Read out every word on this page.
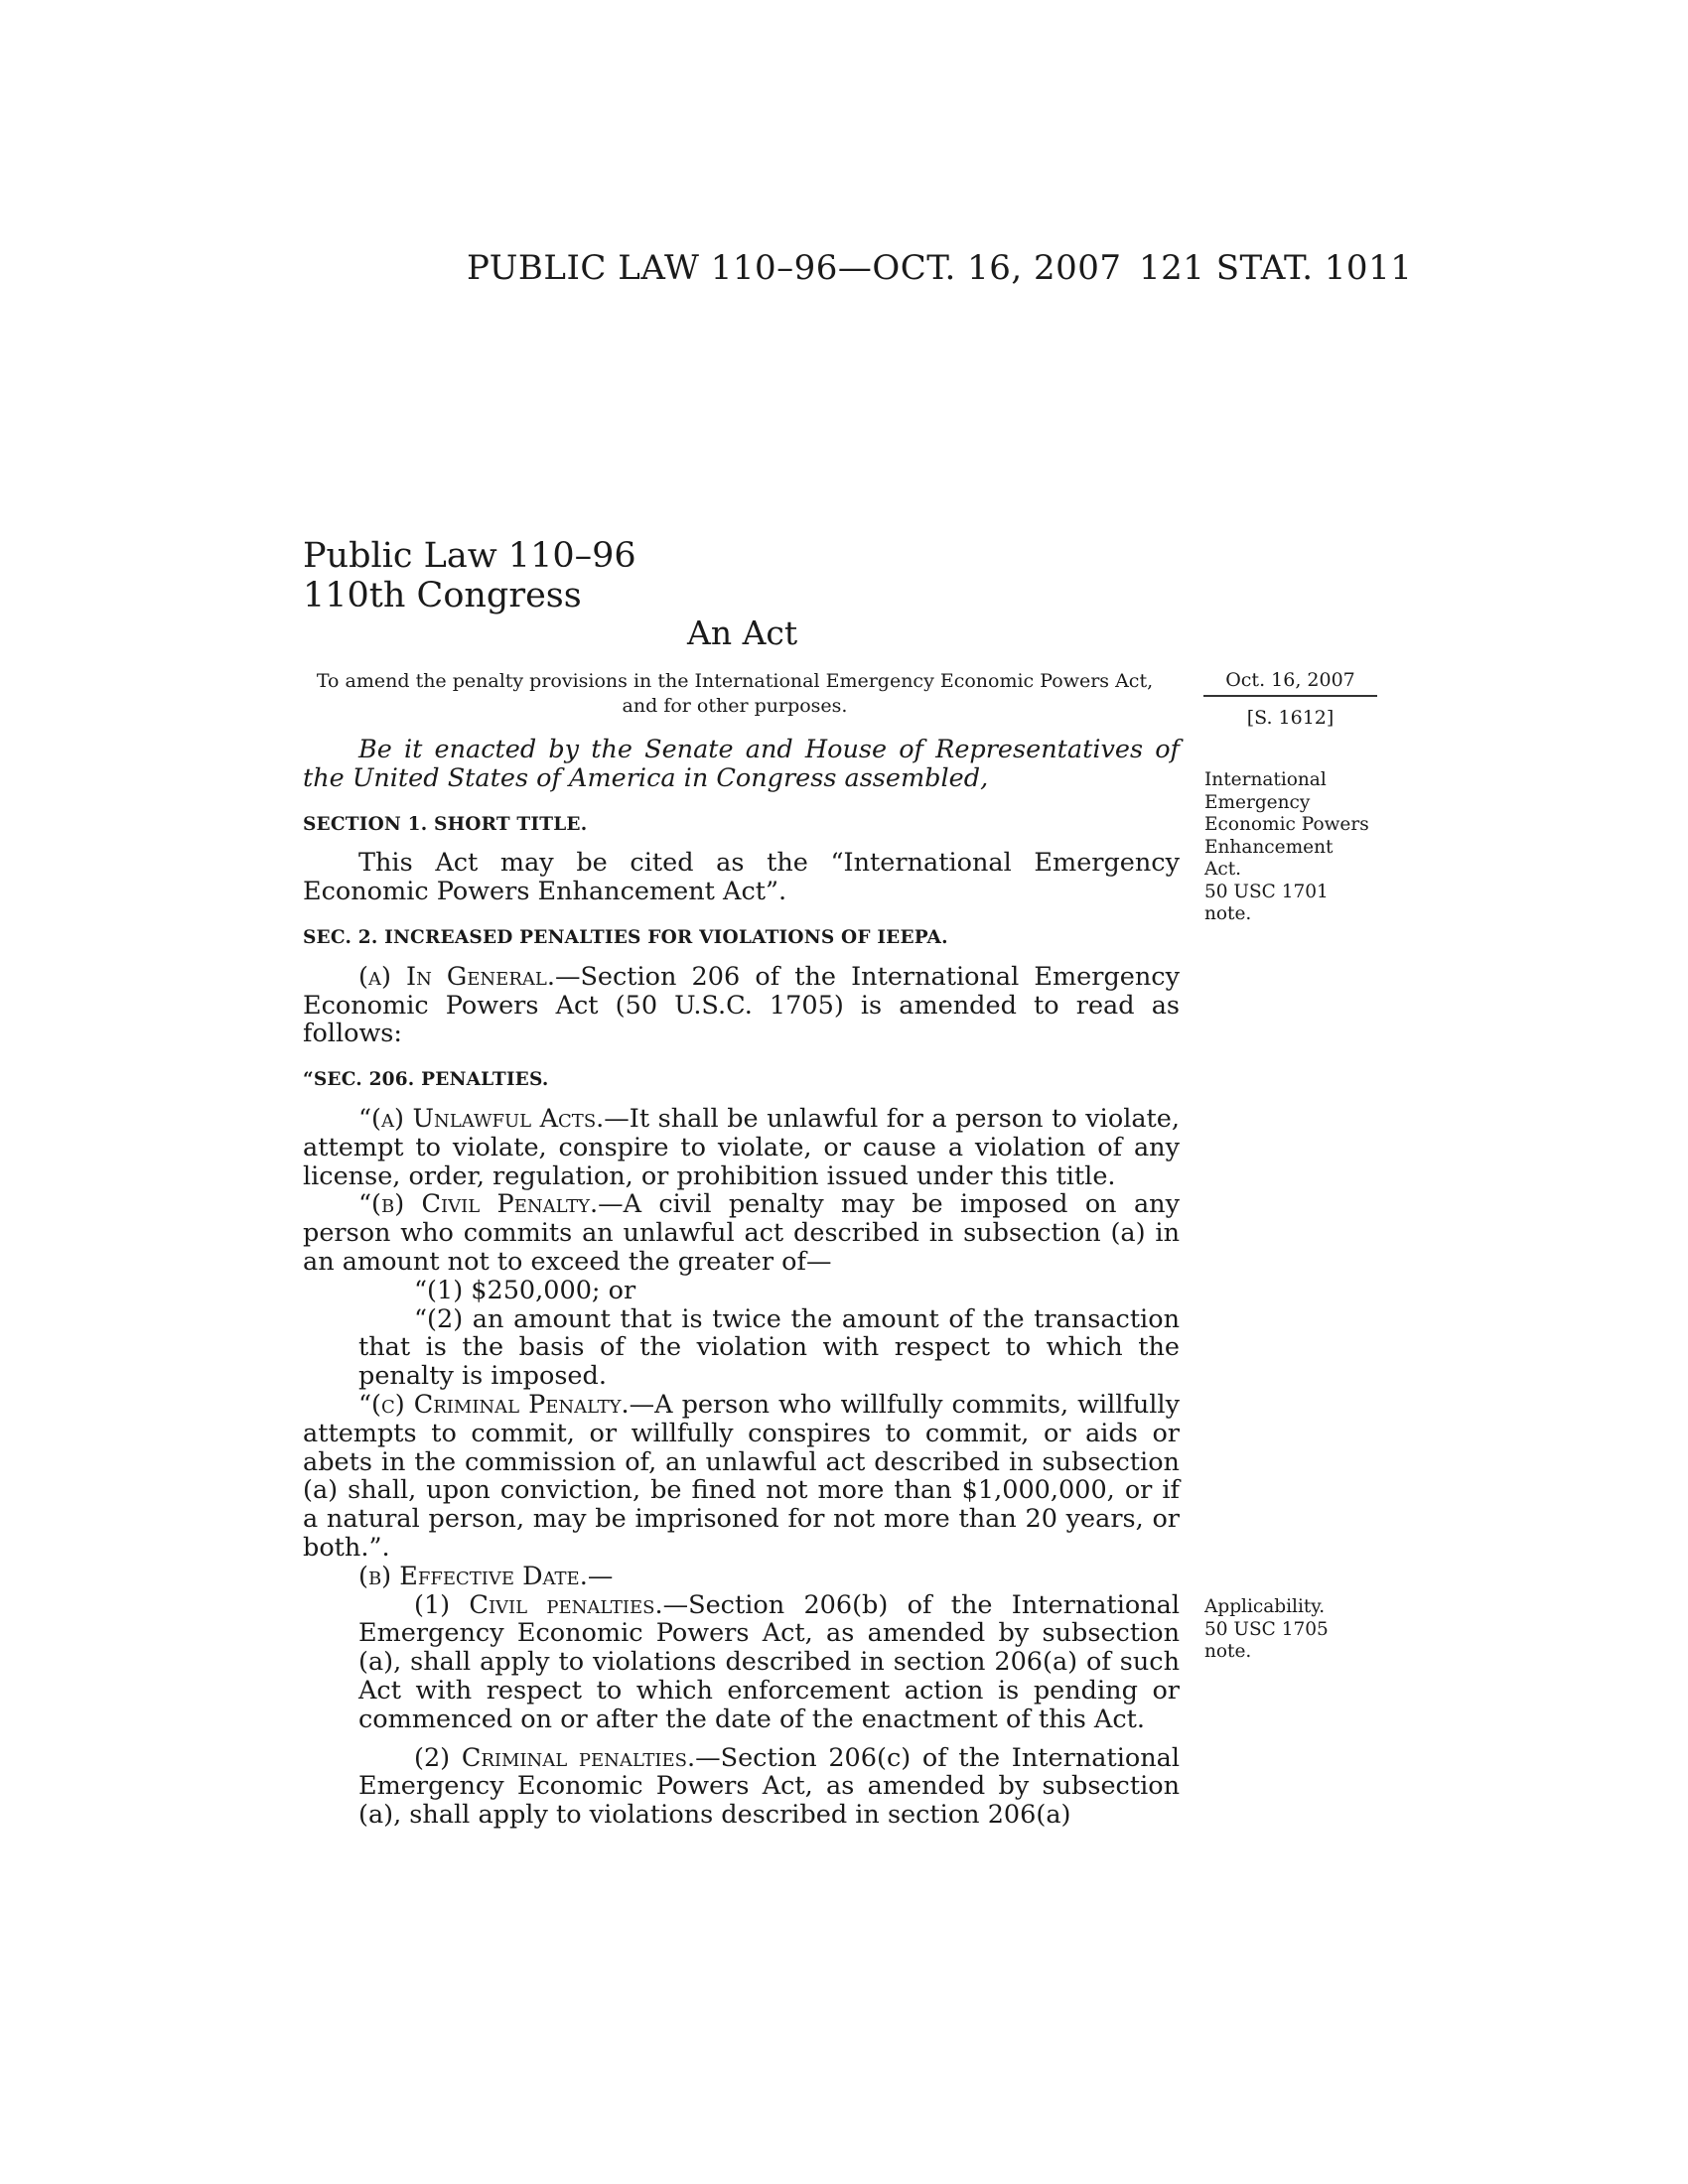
PUBLIC LAW 110–96—OCT. 16, 2007 121 STAT. 1011
Public Law 110–96
110th Congress
An Act
To amend the penalty provisions in the International Emergency Economic Powers Act, and for other purposes.
Oct. 16, 2007
[S. 1612]
International
Emergency
Economic Powers
Enhancement
Act.
50 USC 1701
note.
Applicability.
50 USC 1705
note.

Be it enacted by the Senate and House of Representatives of the United States of America in Congress assembled,

SECTION 1. SHORT TITLE.

This Act may be cited as the “International Emergency Economic Powers Enhancement Act”.

SEC. 2. INCREASED PENALTIES FOR VIOLATIONS OF IEEPA.

(a) In General.—Section 206 of the International Emergency Economic Powers Act (50 U.S.C. 1705) is amended to read as follows:

“SEC. 206. PENALTIES.

“(a) Unlawful Acts.—It shall be unlawful for a person to violate, attempt to violate, conspire to violate, or cause a violation of any license, order, regulation, or prohibition issued under this title.

“(b) Civil Penalty.—A civil penalty may be imposed on any person who commits an unlawful act described in subsection (a) in an amount not to exceed the greater of—

“(1) $250,000; or

“(2) an amount that is twice the amount of the transaction that is the basis of the violation with respect to which the penalty is imposed.

“(c) Criminal Penalty.—A person who willfully commits, willfully attempts to commit, or willfully conspires to commit, or aids or abets in the commission of, an unlawful act described in subsection (a) shall, upon conviction, be fined not more than $1,000,000, or if a natural person, may be imprisoned for not more than 20 years, or both.”.

(b) Effective Date.—

(1) Civil penalties.—Section 206(b) of the International Emergency Economic Powers Act, as amended by subsection (a), shall apply to violations described in section 206(a) of such Act with respect to which enforcement action is pending or commenced on or after the date of the enactment of this Act.

(2) Criminal penalties.—Section 206(c) of the International Emergency Economic Powers Act, as amended by subsection (a), shall apply to violations described in section 206(a)
